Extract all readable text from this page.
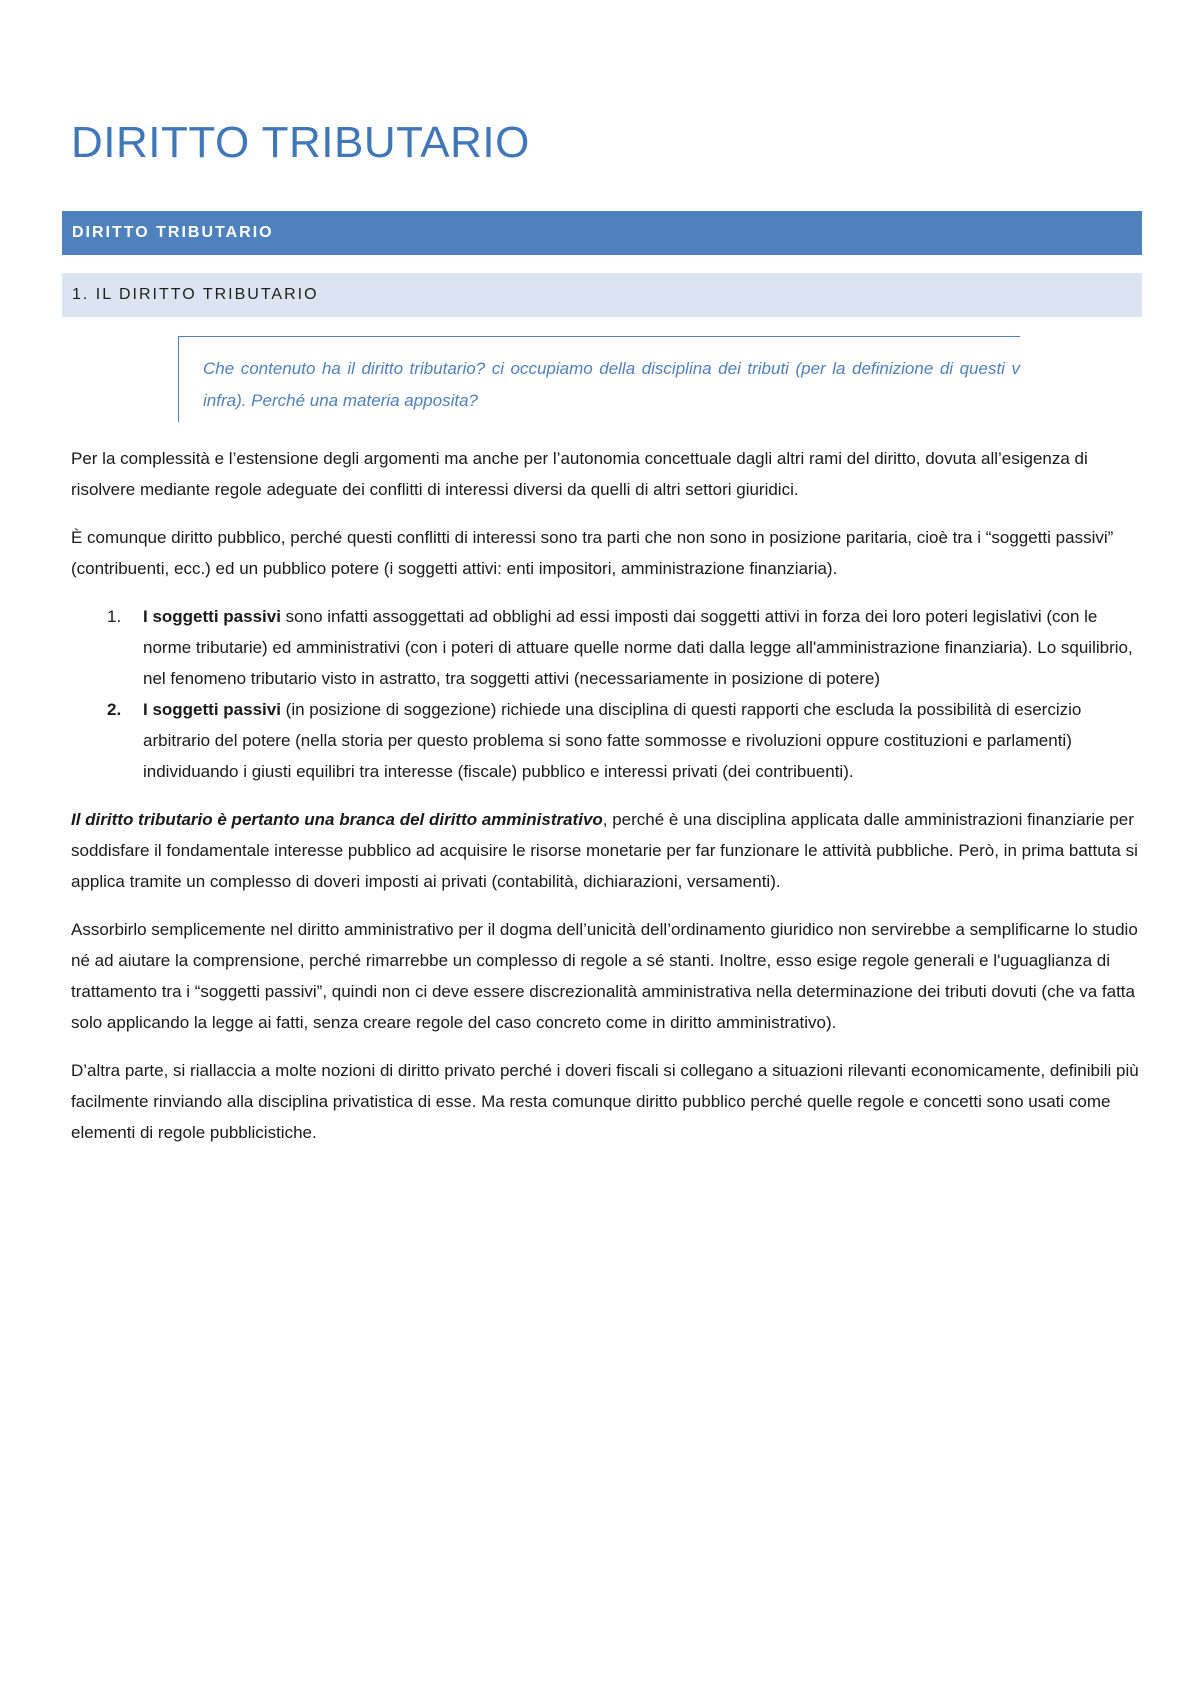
DIRITTO TRIBUTARIO
DIRITTO TRIBUTARIO
1. IL DIRITTO TRIBUTARIO

Che contenuto ha il diritto tributario? ci occupiamo della disciplina dei tributi (per la definizione di questi v infra). Perché una materia apposita?

Per la complessità e l’estensione degli argomenti ma anche per l’autonomia concettuale dagli altri rami del diritto, dovuta all’esigenza di risolvere mediante regole adeguate dei conflitti di interessi diversi da quelli di altri settori giuridici.

È comunque diritto pubblico, perché questi conflitti di interessi sono tra parti che non sono in posizione paritaria, cioè tra i “soggetti passivi” (contribuenti, ecc.) ed un pubblico potere (i soggetti attivi: enti impositori, amministrazione finanziaria).

1.	I soggetti passivi sono infatti assoggettati ad obblighi ad essi imposti dai soggetti attivi in forza dei loro poteri legislativi (con le norme tributarie) ed amministrativi (con i poteri di attuare quelle norme dati dalla legge all'amministrazione finanziaria). Lo squilibrio, nel fenomeno tributario visto in astratto, tra soggetti attivi (necessariamente in posizione di potere)
2.	I soggetti passivi (in posizione di soggezione) richiede una disciplina di questi rapporti che escluda la possibilità di esercizio arbitrario del potere (nella storia per questo problema si sono fatte sommosse e rivoluzioni oppure costituzioni e parlamenti) individuando i giusti equilibri tra interesse (fiscale) pubblico e interessi privati (dei contribuenti).

Il diritto tributario è pertanto una branca del diritto amministrativo, perché è una disciplina applicata dalle amministrazioni finanziarie per soddisfare il fondamentale interesse pubblico ad acquisire le risorse monetarie per far funzionare le attività pubbliche. Però, in prima battuta si applica tramite un complesso di doveri imposti ai privati (contabilità, dichiarazioni, versamenti).

Assorbirlo semplicemente nel diritto amministrativo per il dogma dell’unicità dell’ordinamento giuridico non servirebbe a semplificarne lo studio né ad aiutare la comprensione, perché rimarrebbe un complesso di regole a sé stanti. Inoltre, esso esige regole generali e l'uguaglianza di trattamento tra i “soggetti passivi”, quindi non ci deve essere discrezionalità amministrativa nella determinazione dei tributi dovuti (che va fatta solo applicando la legge ai fatti, senza creare regole del caso concreto come in diritto amministrativo).

D’altra parte, si riallaccia a molte nozioni di diritto privato perché i doveri fiscali si collegano a situazioni rilevanti economicamente, definibili più facilmente rinviando alla disciplina privatistica di esse. Ma resta comunque diritto pubblico perché quelle regole e concetti sono usati come elementi di regole pubblicistiche.
